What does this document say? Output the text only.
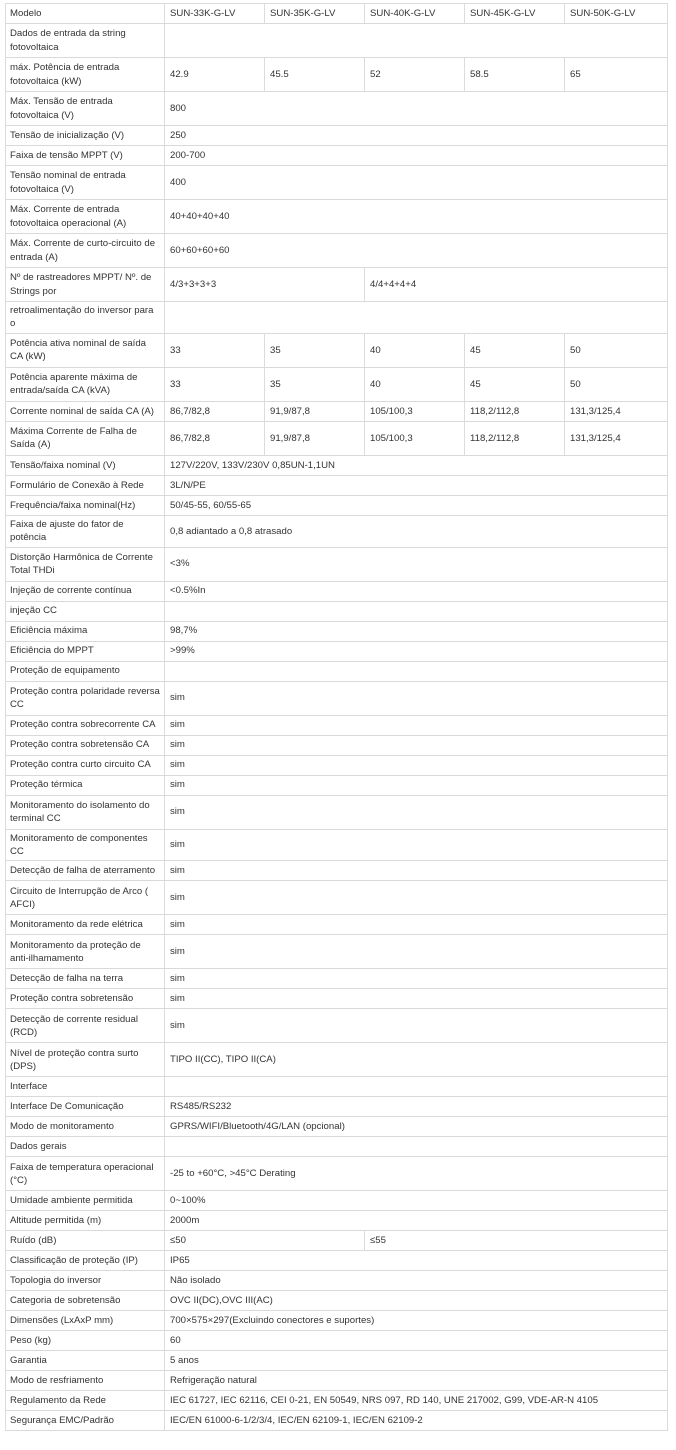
Modelo	SUN-33K-G-LV	SUN-35K-G-LV	SUN-40K-G-LV	SUN-45K-G-LV	SUN-50K-G-LV
Dados de entrada da string fotovoltaica					
máx. Potência de entrada fotovoltaica (kW)	42.9	45.5	52	58.5	65
Máx. Tensão de entrada fotovoltaica (V)	800				
Tensão de inicialização (V)	250				
Faixa de tensão MPPT (V)	200-700				
Tensão nominal de entrada fotovoltaica (V)	400				
Máx. Corrente de entrada fotovoltaica operacional (A)	40+40+40+40				
Máx. Corrente de curto-circuito de entrada (A)	60+60+60+60				
Nº de rastreadores MPPT/ Nº. de Strings por	4/3+3+3+3		4/4+4+4+4		
retroalimentação do inversor para o					
Potência ativa nominal de saída CA (kW)	33	35	40	45	50
Potência aparente máxima de entrada/saída CA (kVA)	33	35	40	45	50
Corrente nominal de saída CA (A)	86,7/82,8	91,9/87,8	105/100,3	118,2/112,8	131,3/125,4
Máxima Corrente de Falha de Saída (A)	86,7/82,8	91,9/87,8	105/100,3	118,2/112,8	131,3/125,4
Tensão/faixa nominal (V)	127V/220V, 133V/230V 0,85UN-1,1UN				
Formulário de Conexão à Rede	3L/N/PE				
Frequência/faixa nominal(Hz)	50/45-55, 60/55-65				
Faixa de ajuste do fator de potência	0,8 adiantado a 0,8 atrasado				
Distorção Harmônica de Corrente Total THDi	<3%				
Injeção de corrente contínua	<0.5%In				
injeção CC					
Eficiência máxima	98,7%				
Eficiência do MPPT	>99%				
Proteção de equipamento					
Proteção contra polaridade reversa CC	sim				
Proteção contra sobrecorrente CA	sim				
Proteção contra sobretensão CA	sim				
Proteção contra curto circuito CA	sim				
Proteção térmica	sim				
Monitoramento do isolamento do terminal CC	sim				
Monitoramento de componentes CC	sim				
Detecção de falha de aterramento	sim				
Circuito de Interrupção de Arco ( AFCI)	sim				
Monitoramento da rede elétrica	sim				
Monitoramento da proteção de anti-ilhamamento	sim				
Detecção de falha na terra	sim				
Proteção contra sobretensão	sim				
Detecção de corrente residual (RCD)	sim				
Nível de proteção contra surto (DPS)	TIPO II(CC), TIPO II(CA)				
Interface					
Interface De Comunicação	RS485/RS232				
Modo de monitoramento	GPRS/WIFI/Bluetooth/4G/LAN (opcional)				
Dados gerais					
Faixa de temperatura operacional (°C)	-25 to +60°C, >45°C Derating				
Umidade ambiente permitida	0~100%				
Altitude permitida (m)	2000m				
Ruído (dB)	≤50		≤55		
Classificação de proteção (IP)	IP65				
Topologia do inversor	Não isolado				
Categoria de sobretensão	OVC II(DC),OVC III(AC)				
Dimensões (LxAxP mm)	700×575×297(Excluindo conectores e suportes)				
Peso (kg)	60				
Garantia	5 anos				
Modo de resfriamento	Refrigeração natural				
Regulamento da Rede	IEC 61727, IEC 62116, CEI 0-21, EN 50549, NRS 097, RD 140, UNE 217002, G99, VDE-AR-N 4105				
Segurança EMC/Padrão	IEC/EN 61000-6-1/2/3/4, IEC/EN 62109-1, IEC/EN 62109-2				
